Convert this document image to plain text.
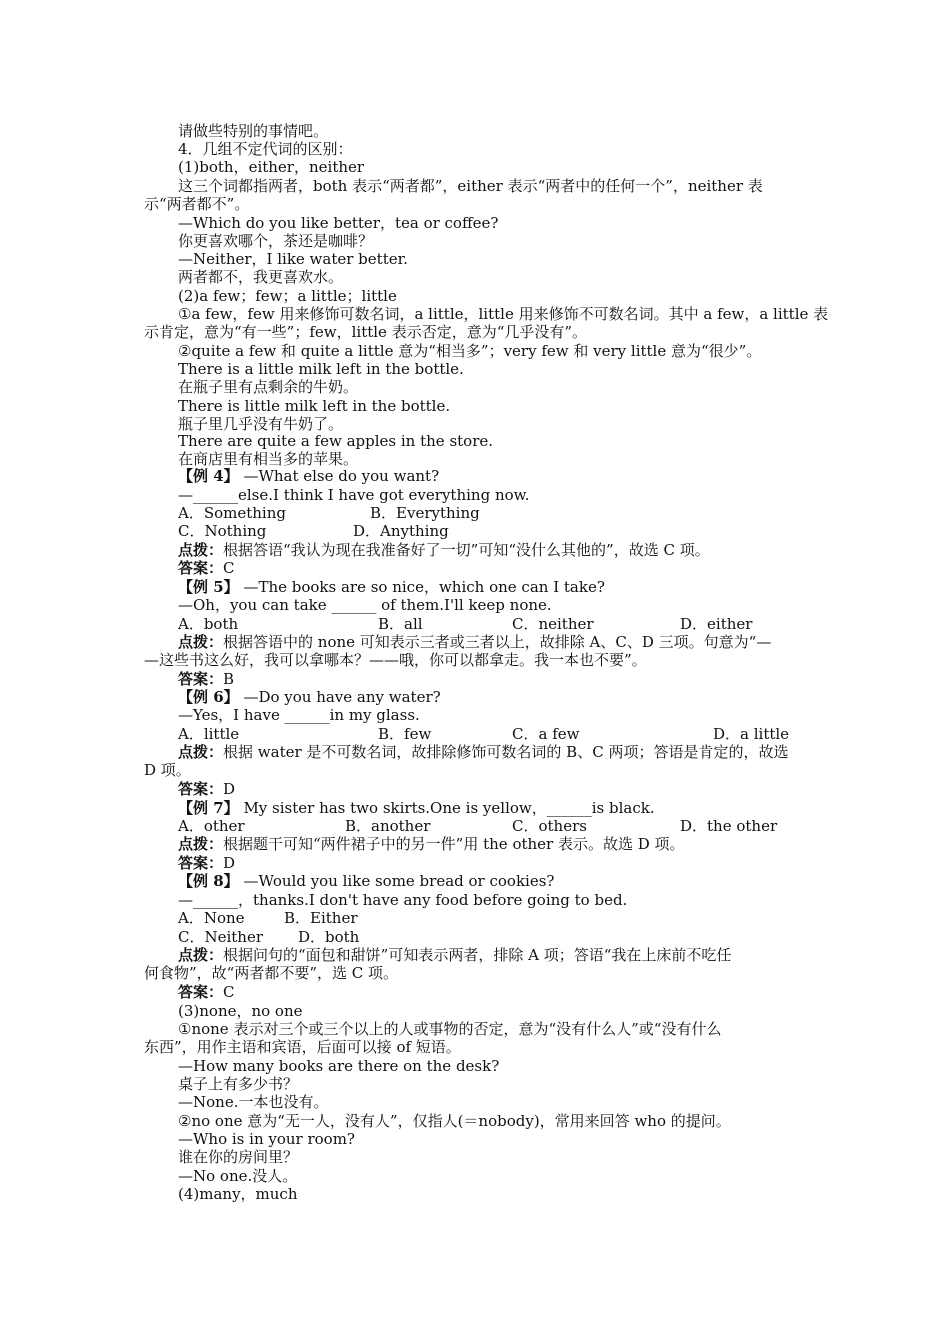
请做些特别的事情吧。
4．几组不定代词的区别：
(1)both，either，neither
这三个词都指两者，both 表示“两者都”，either 表示“两者中的任何一个”，neither 表
示“两者都不”。
—Which do you like better，tea or coffee?
你更喜欢哪个，茶还是咖啡？
—Neither，I like water better.
两者都不，我更喜欢水。
(2)a few；few；a little；little
①a few，few 用来修饰可数名词，a little，little 用来修饰不可数名词。其中 a few，a little 表
示肯定，意为“有一些”；few，little 表示否定，意为“几乎没有”。
②quite a few 和 quite a little 意为“相当多”；very few 和 very little 意为“很少”。
There is a little milk left in the bottle.
在瓶子里有点剩余的牛奶。
There is little milk left in the bottle.
瓶子里几乎没有牛奶了。
There are quite a few apples in the store.
在商店里有相当多的苹果。
【例 4】 —What else do you want?
—______else.I think I have got everything now.
A．Something	B．Everything
C．Nothing	D．Anything
点拨：根据答语“我认为现在我准备好了一切”可知“没什么其他的”，故选 C 项。
答案：C
【例 5】 —The books are so nice，which one can I take?
—Oh，you can take ______ of them.I'll keep none.
A．both	B．all	C．neither	D．either
点拨：根据答语中的 none 可知表示三者或三者以上，故排除 A、C、D 三项。句意为“—
—这些书这么好，我可以拿哪本？——哦，你可以都拿走。我一本也不要”。
答案：B
【例 6】 —Do you have any water?
—Yes，I have ______in my glass.
A．little	B．few	C．a few	D．a little
点拨：根据 water 是不可数名词，故排除修饰可数名词的 B、C 两项；答语是肯定的，故选
D 项。
答案：D
【例 7】 My sister has two skirts.One is yellow，______is black.
A．other	B．another	C．others	D．the other
点拨：根据题干可知“两件裙子中的另一件”用 the other 表示。故选 D 项。
答案：D
【例 8】 —Would you like some bread or cookies?
—______，thanks.I don't have any food before going to bed.
A．None	B．Either
C．Neither D．both
点拨：根据问句的“面包和甜饼”可知表示两者，排除 A 项；答语“我在上床前不吃任
何食物”，故“两者都不要”，选 C 项。
答案：C
(3)none，no one
①none 表示对三个或三个以上的人或事物的否定，意为“没有什么人”或“没有什么
东西”，用作主语和宾语，后面可以接 of 短语。
—How many books are there on the desk?
桌子上有多少书？
—None.一本也没有。
②no one 意为“无一人，没有人”，仅指人(＝nobody)，常用来回答 who 的提问。
—Who is in your room?
谁在你的房间里？
—No one.没人。
(4)many，much
